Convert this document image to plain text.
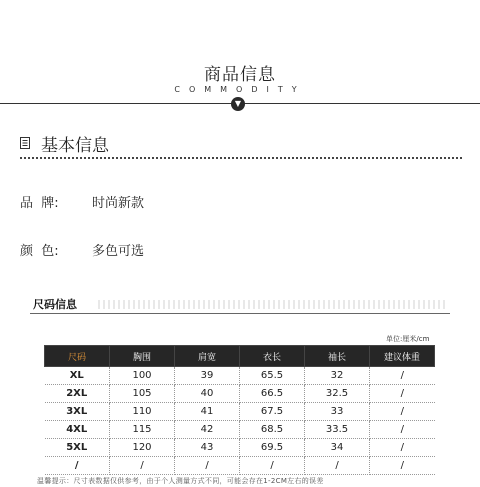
商品信息
COMMODITY
▼
基本信息
品  牌:	时尚新款
颜  色:	多色可选
尺码信息
单位:厘米/cm
尺码	胸围	肩宽	衣长	袖长	建议体重
XL	100	39	65.5	32	/
2XL	105	40	66.5	32.5	/
3XL	110	41	67.5	33	/
4XL	115	42	68.5	33.5	/
5XL	120	43	69.5	34	/
/	/	/	/	/	/
温馨提示：尺寸表数据仅供参考，由于个人测量方式不同，可能会存在1-2CM左右的误差
